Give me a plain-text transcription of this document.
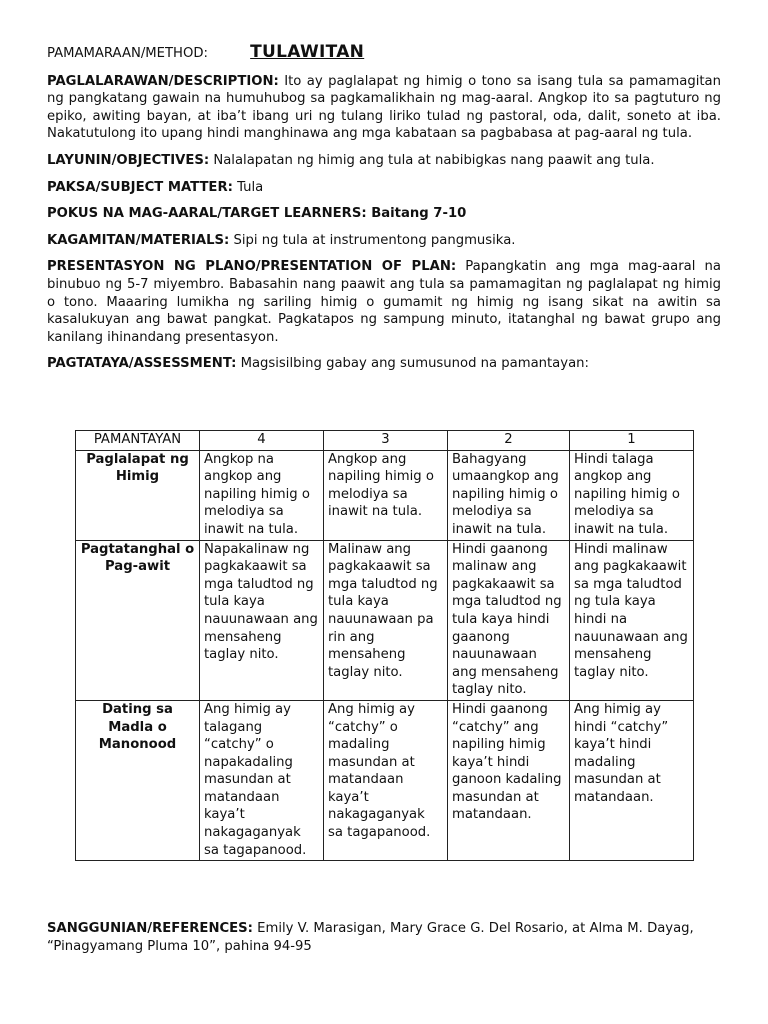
PAMAMARAAN/METHOD: TULAWITAN

PAGLALARAWAN/DESCRIPTION: Ito ay paglalapat ng himig o tono sa isang tula sa pamamagitan ng pangkatang gawain na humuhubog sa pagkamalikhain ng mag-aaral. Angkop ito sa pagtuturo ng epiko, awiting bayan, at iba’t ibang uri ng tulang liriko tulad ng pastoral, oda, dalit, soneto at iba. Nakatutulong ito upang hindi manghinawa ang mga kabataan sa pagbabasa at pag-aaral ng tula.

LAYUNIN/OBJECTIVES: Nalalapatan ng himig ang tula at nabibigkas nang paawit ang tula.

PAKSA/SUBJECT MATTER: Tula

POKUS NA MAG-AARAL/TARGET LEARNERS: Baitang 7-10

KAGAMITAN/MATERIALS: Sipi ng tula at instrumentong pangmusika.

PRESENTASYON NG PLANO/PRESENTATION OF PLAN: Papangkatin ang mga mag-aaral na binubuo ng 5-7 miyembro. Babasahin nang paawit ang tula sa pamamagitan ng paglalapat ng himig o tono. Maaaring lumikha ng sariling himig o gumamit ng himig ng isang sikat na awitin sa kasalukuyan ang bawat pangkat. Pagkatapos ng sampung minuto, itatanghal ng bawat grupo ang kanilang ihinandang presentasyon.

PAGTATAYA/ASSESSMENT: Magsisilbing gabay ang sumusunod na pamantayan:

PAMANTAYAN	4	3	2	1
Paglalapat ng Himig	Angkop na angkop ang napiling himig o melodiya sa inawit na tula.	Angkop ang napiling himig o melodiya sa inawit na tula.	Bahagyang umaangkop ang napiling himig o melodiya sa inawit na tula.	Hindi talaga angkop ang napiling himig o melodiya sa inawit na tula.
Pagtatanghal o Pag-awit	Napakalinaw ng pagkakaawit sa mga taludtod ng tula kaya nauunawaan ang mensaheng taglay nito.	Malinaw ang pagkakaawit sa mga taludtod ng tula kaya nauunawaan pa rin ang mensaheng taglay nito.	Hindi gaanong malinaw ang pagkakaawit sa mga taludtod ng tula kaya hindi gaanong nauunawaan ang mensaheng taglay nito.	Hindi malinaw ang pagkakaawit sa mga taludtod ng tula kaya hindi na nauunawaan ang mensaheng taglay nito.
Dating sa Madla o Manonood	Ang himig ay talagang “catchy” o napakadaling masundan at matandaan kaya’t nakagaganyak sa tagapanood.	Ang himig ay “catchy” o madaling masundan at matandaan kaya’t nakagaganyak sa tagapanood.	Hindi gaanong “catchy” ang napiling himig kaya’t hindi ganoon kadaling masundan at matandaan.	Ang himig ay hindi “catchy” kaya’t hindi madaling masundan at matandaan.

SANGGUNIAN/REFERENCES: Emily V. Marasigan, Mary Grace G. Del Rosario, at Alma M. Dayag, “Pinagyamang Pluma 10”, pahina 94-95
